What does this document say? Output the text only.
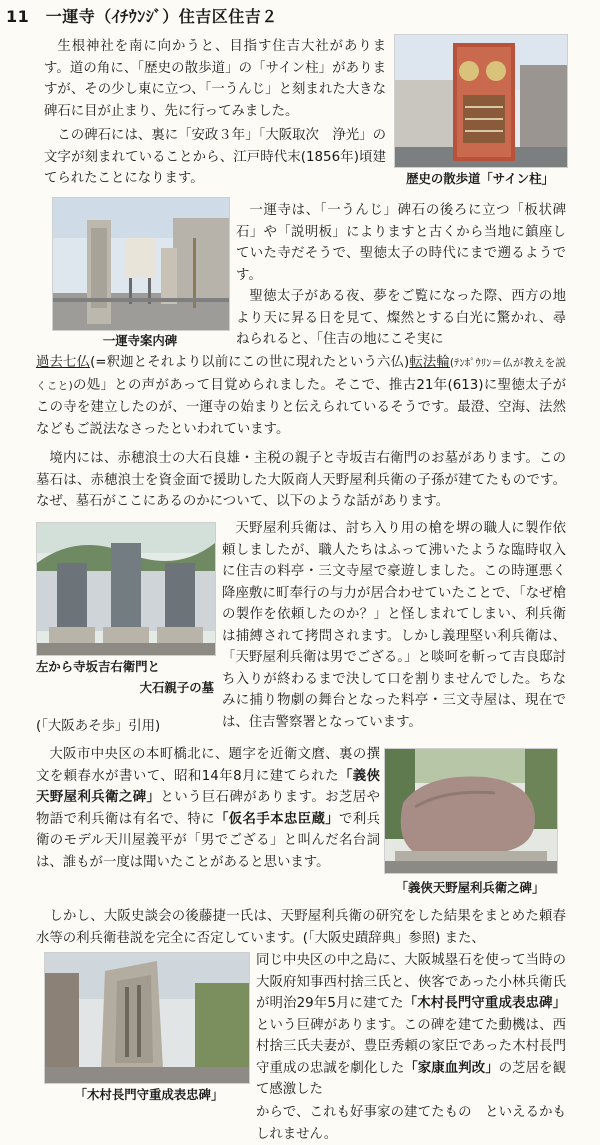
11　一運寺（ｲﾁｳﾝｼﾞ）住吉区住吉２
歴史の散歩道「サイン柱」

生根神社を南に向かうと、目指す住吉大社がありま す。道の角に、「歴史の散歩道」の「サイン柱」がありますが、その少し東に立つ、「一うんじ」と刻まれた大きな碑石に目が止まり、先に行ってみました。

この碑石には、裏に「安政３年」「大阪取次　浄光」の文字が刻まれていることから、江戸時代末(1856年)頃建てられたことになります。

一運寺案内碑

一運寺は、「一うんじ」碑石の後ろに立つ「板状碑石」や「説明板」によりますと古くから当地に鎮座していた寺だそうで、聖徳太子の時代にまで遡るようです。

聖徳太子がある夜、夢をご覧になった際、西方の地より天に昇る日を見て、燦然とする白光に驚かれ、尋ねられると、「住吉の地にこそ実に

過去七仏(=釈迦とそれより以前にこの世に現れたという六仏)転法輪(ﾃﾝﾎﾟｳﾘﾝ＝仏が教えを説くこと)の処」との声があって目覚められました。そこで、推古21年(613)に聖徳太子がこの寺を建立したのが、一運寺の始まりと伝えられているそうです。最澄、空海、法然などもご説法なさったといわれています。

境内には、赤穂浪士の大石良雄・主税の親子と寺坂吉右衛門のお墓があります。この墓石は、赤穂浪士を資金面で援助した大阪商人天野屋利兵衛の子孫が建てたものです。なぜ、墓石がここにあるのかについて、以下のような話があります。

左から寺坂吉右衛門と
大石親子の墓

天野屋利兵衛は、討ち入り用の槍を堺の職人に製作依頼しましたが、職人たちはふって沸いたような臨時収入に住吉の料亭・三文寺屋で豪遊しました。この時運悪く降座敷に町奉行の与力が居合わせていたことで、「なぜ槍の製作を依頼したのか？」と怪しまれてしまい、利兵衛は捕縛されて拷問されます。しかし義理堅い利兵衛は、「天野屋利兵衛は男でござる。」と啖呵を斬って吉良邸討ち入りが終わるまで決して口を割りませんでした。ちなみに捕り物劇の舞台となった料亭・三文寺屋は、現在では、住吉警察署となっています。

(「大阪あそ歩」引用)

「義俠天野屋利兵衛之碑」

大阪市中央区の本町橋北に、題字を近衛文麿、裏の撰文を頼春水が書いて、昭和14年8月に建てられた「義俠天野屋利兵衛之碑」という巨石碑があります。お芝居や物語で利兵衛は有名で、特に「仮名手本忠臣蔵」で利兵衛のモデル天川屋義平が「男でござる」と叫んだ名台詞は、誰もが一度は聞いたことがあると思います。

しかし、大阪史談会の後藤捷一氏は、天野屋利兵衛の研究をした結果をまとめた頼春水等の利兵衛巷説を完全に否定しています。(「大阪史蹟辞典」参照) また、

「木村長門守重成表忠碑」

同じ中央区の中之島に、大阪城塁石を使って当時の大阪府知事西村捨三氏と、俠客であった小林兵衛氏が明治29年5月に建てた「木村長門守重成表忠碑」という巨碑があります。この碑を建てた動機は、西村捨三氏夫妻が、豊臣秀頼の家臣であった木村長門守重成の忠誠を劇化した「家康血判改」の芝居を観て感激した

からで、これも好事家の建てたもの　といえるかもしれません。
